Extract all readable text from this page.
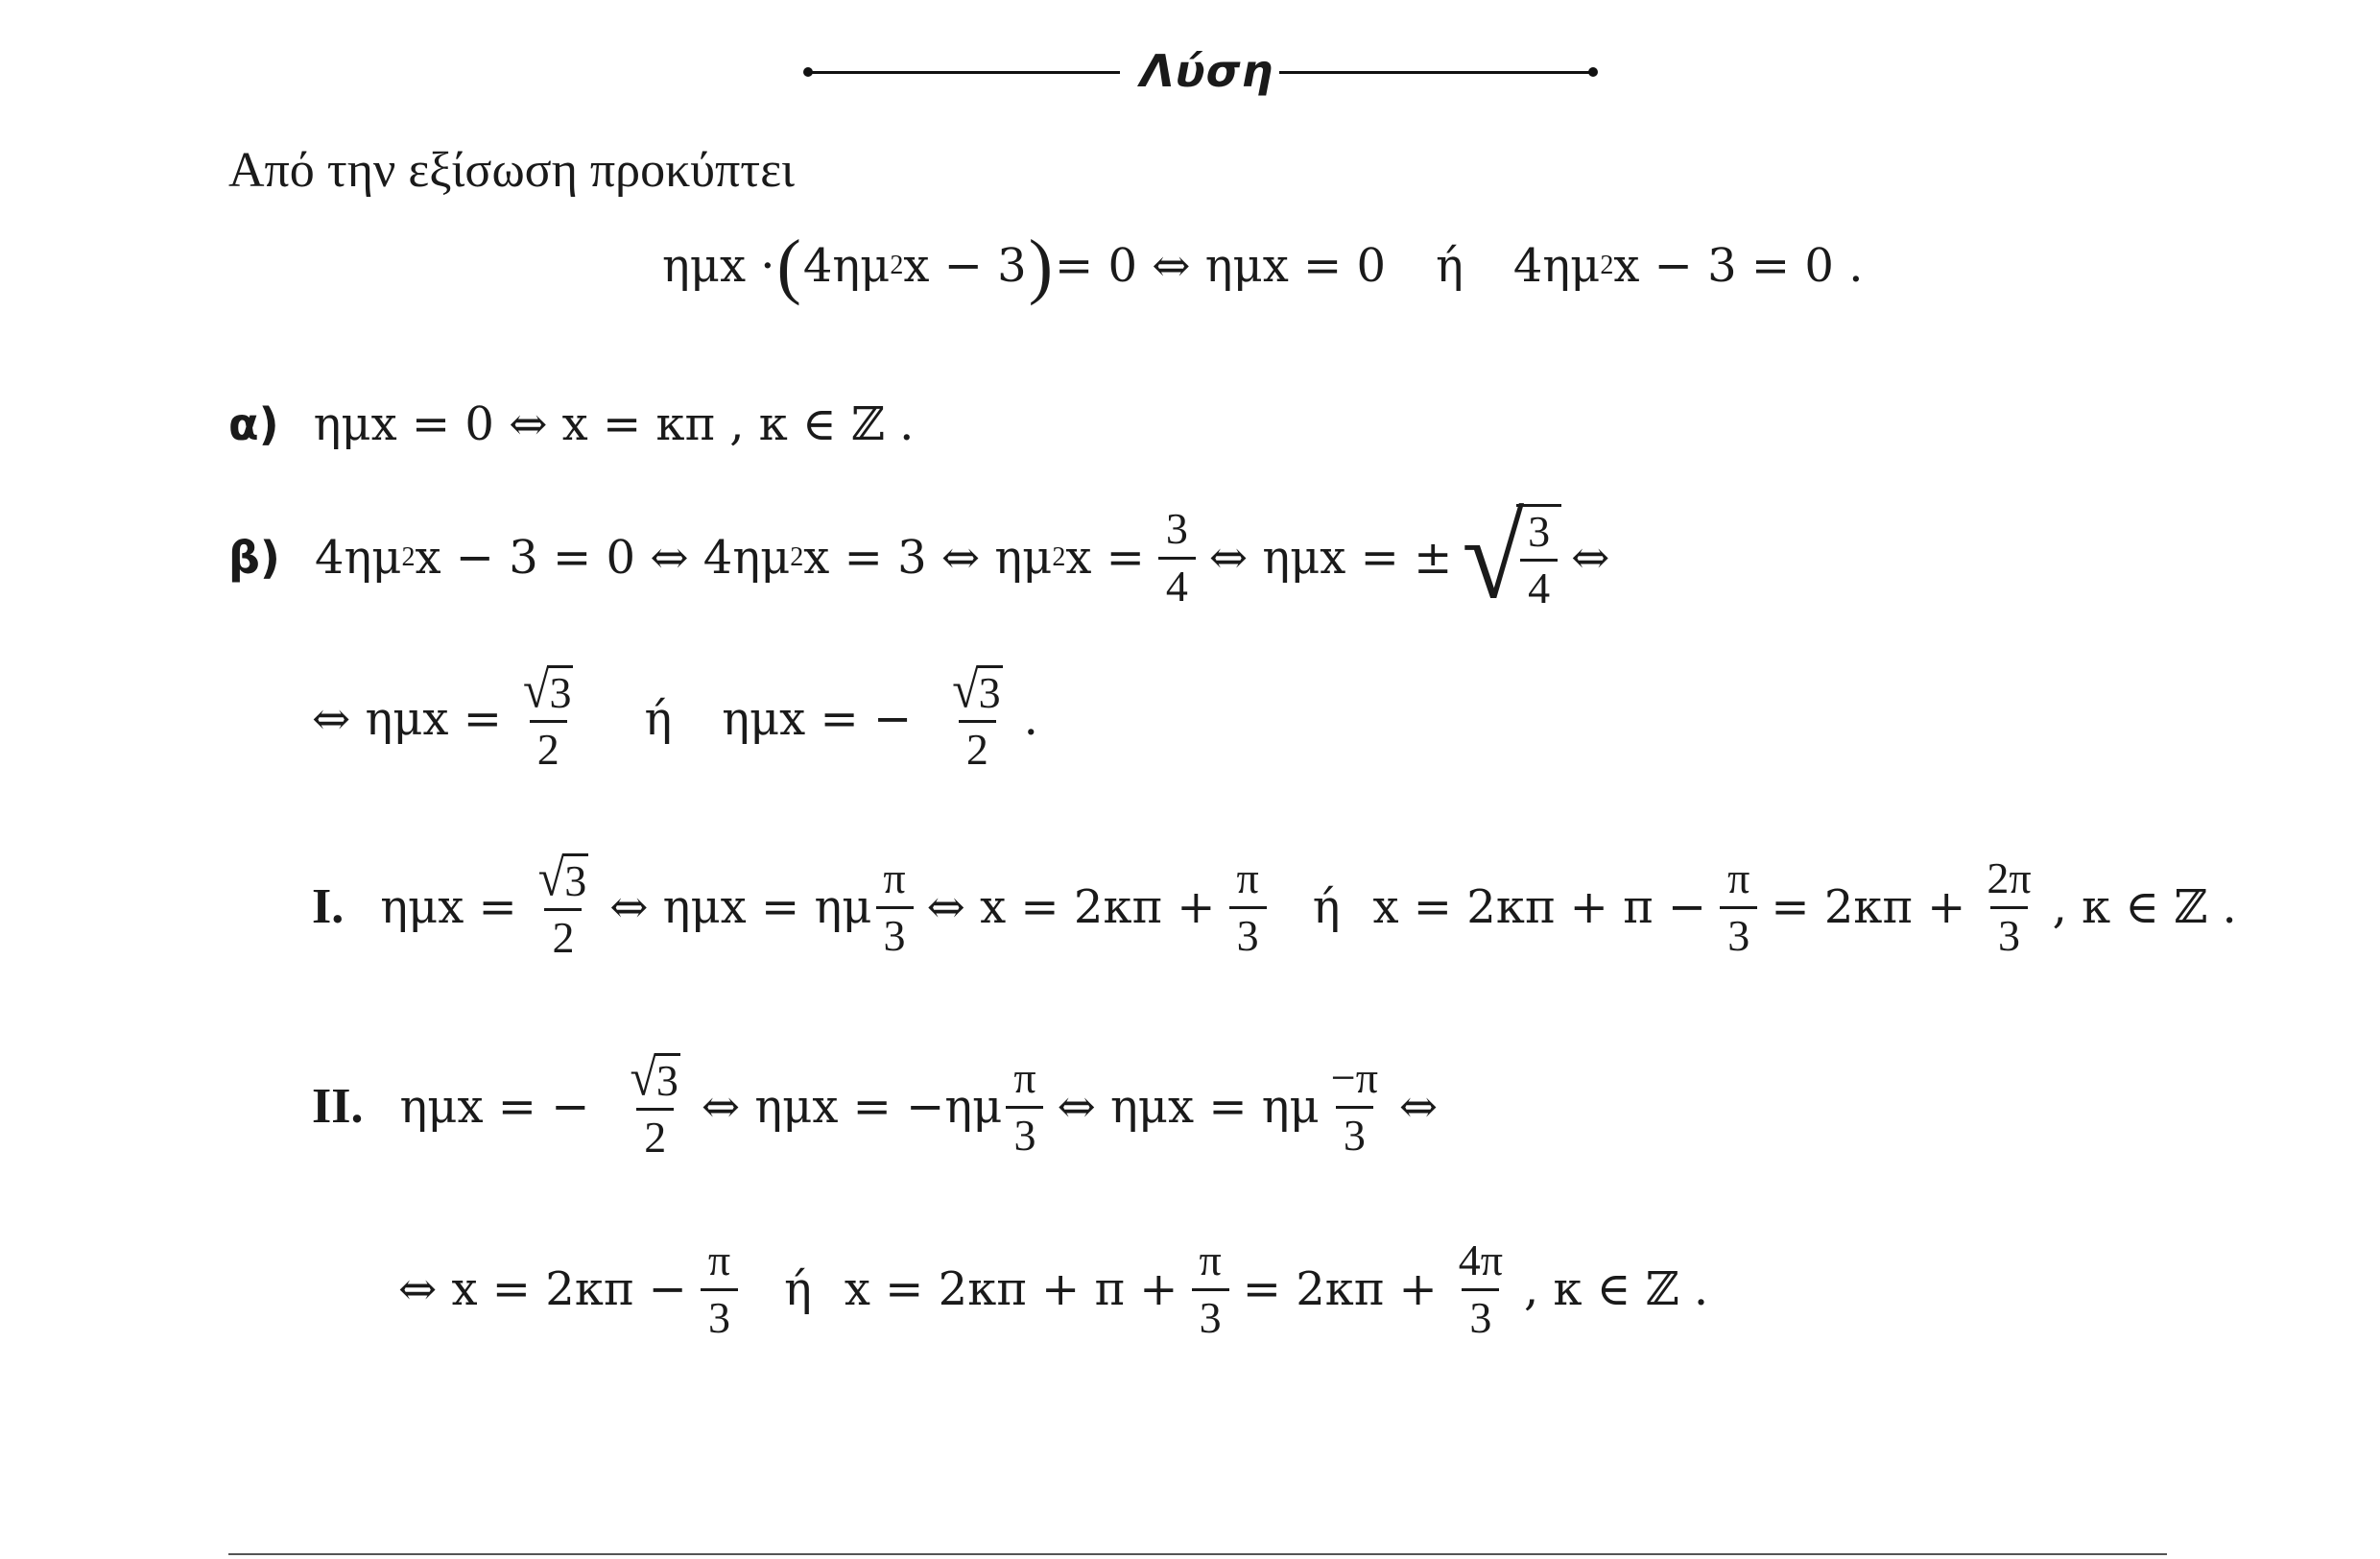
Λύση
Από την εξίσωση προκύπτει
ημx · ( 4ημ 2 x − 3 ) = 0 ⇔ ημx = 0 ή 4ημ 2 x − 3 = 0 .
α) ημx = 0 ⇔ x = κπ , κ ∈ ℤ .
β) 4ημ 2 x − 3 = 0 ⇔ 4ημ 2 x = 3 ⇔ ημ 2 $x = \frac{3}{4}$ ⇔ ημx = ± √
$\frac{3}{4}$ ⇔
⇔ $\eta\mu x = \frac{√ 3}{2}$ ή ημx = − $\frac{√ 3}{2}$ .
I. $\eta\mu x = \frac{√ 3}{2}$ ⇔ ημx = ημ $\frac{\pi}{3}$ ⇔ $x = 2\kappa\pi + \frac{\pi}{3}$ ή $x = 2\kappa\pi + \pi - \frac{\pi}{3} = 2\kappa\pi + \frac{2\pi}{3}$ , κ ∈ ℤ .
II. ημx = − $\frac{√ 3}{2}$ ⇔ $\eta\mu x = -\eta\mu \frac{\pi}{3}$ ⇔ ημx = ημ $\frac{-\pi}{3}$ ⇔
⇔ $x = 2\kappa\pi - \frac{\pi}{3}$ ή $x = 2\kappa\pi + \pi + \frac{\pi}{3} = 2\kappa\pi + \frac{4\pi}{3}$ , κ ∈ ℤ .
